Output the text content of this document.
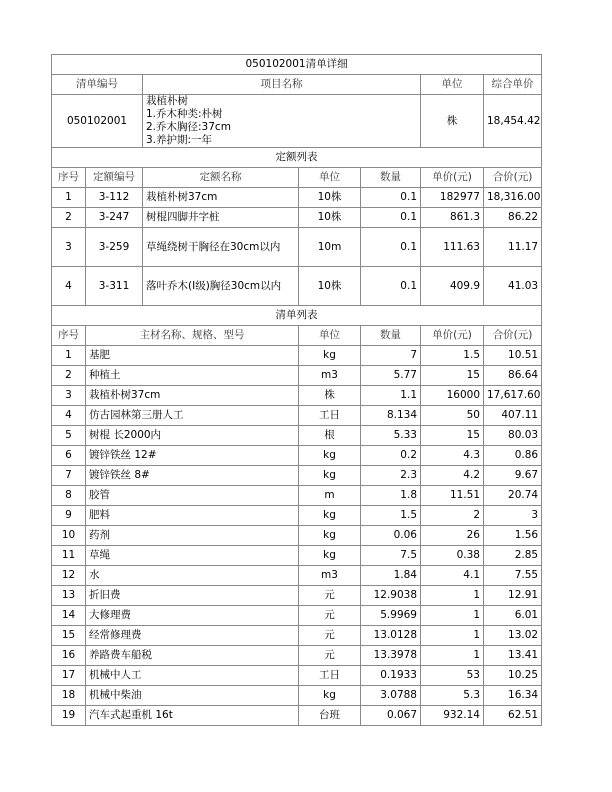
050102001清单详细						
清单编号		项目名称			单位	综合单价
050102001		栽植朴树
1.乔木种类:朴树
2.乔木胸径:37cm
3.养护期:一年			株	18,454.42
定额列表						
序号	定额编号	定额名称	单位	数量	单价(元)	合价(元)
1	3-112	栽植朴树37cm	10株	0.1	182977	18,316.00
2	3-247	树棍四脚井字桩	10株	0.1	861.3	86.22
3	3-259	草绳绕树干胸径在30cm以内	10m	0.1	111.63	11.17
4	3-311	落叶乔木(I级)胸径30cm以内	10株	0.1	409.9	41.03
清单列表						
序号	主材名称、规格、型号		单位	数量	单价(元)	合价(元)
1	基肥		kg	7	1.5	10.51
2	种植土		m3	5.77	15	86.64
3	栽植朴树37cm		株	1.1	16000	17,617.60
4	仿古园林第三册人工		工日	8.134	50	407.11
5	树棍 长2000内		根	5.33	15	80.03
6	镀锌铁丝 12#		kg	0.2	4.3	0.86
7	镀锌铁丝 8#		kg	2.3	4.2	9.67
8	胶管		m	1.8	11.51	20.74
9	肥料		kg	1.5	2	3
10	药剂		kg	0.06	26	1.56
11	草绳		kg	7.5	0.38	2.85
12	水		m3	1.84	4.1	7.55
13	折旧费		元	12.9038	1	12.91
14	大修理费		元	5.9969	1	6.01
15	经常修理费		元	13.0128	1	13.02
16	养路费车船税		元	13.3978	1	13.41
17	机械中人工		工日	0.1933	53	10.25
18	机械中柴油		kg	3.0788	5.3	16.34
19	汽车式起重机 16t		台班	0.067	932.14	62.51
